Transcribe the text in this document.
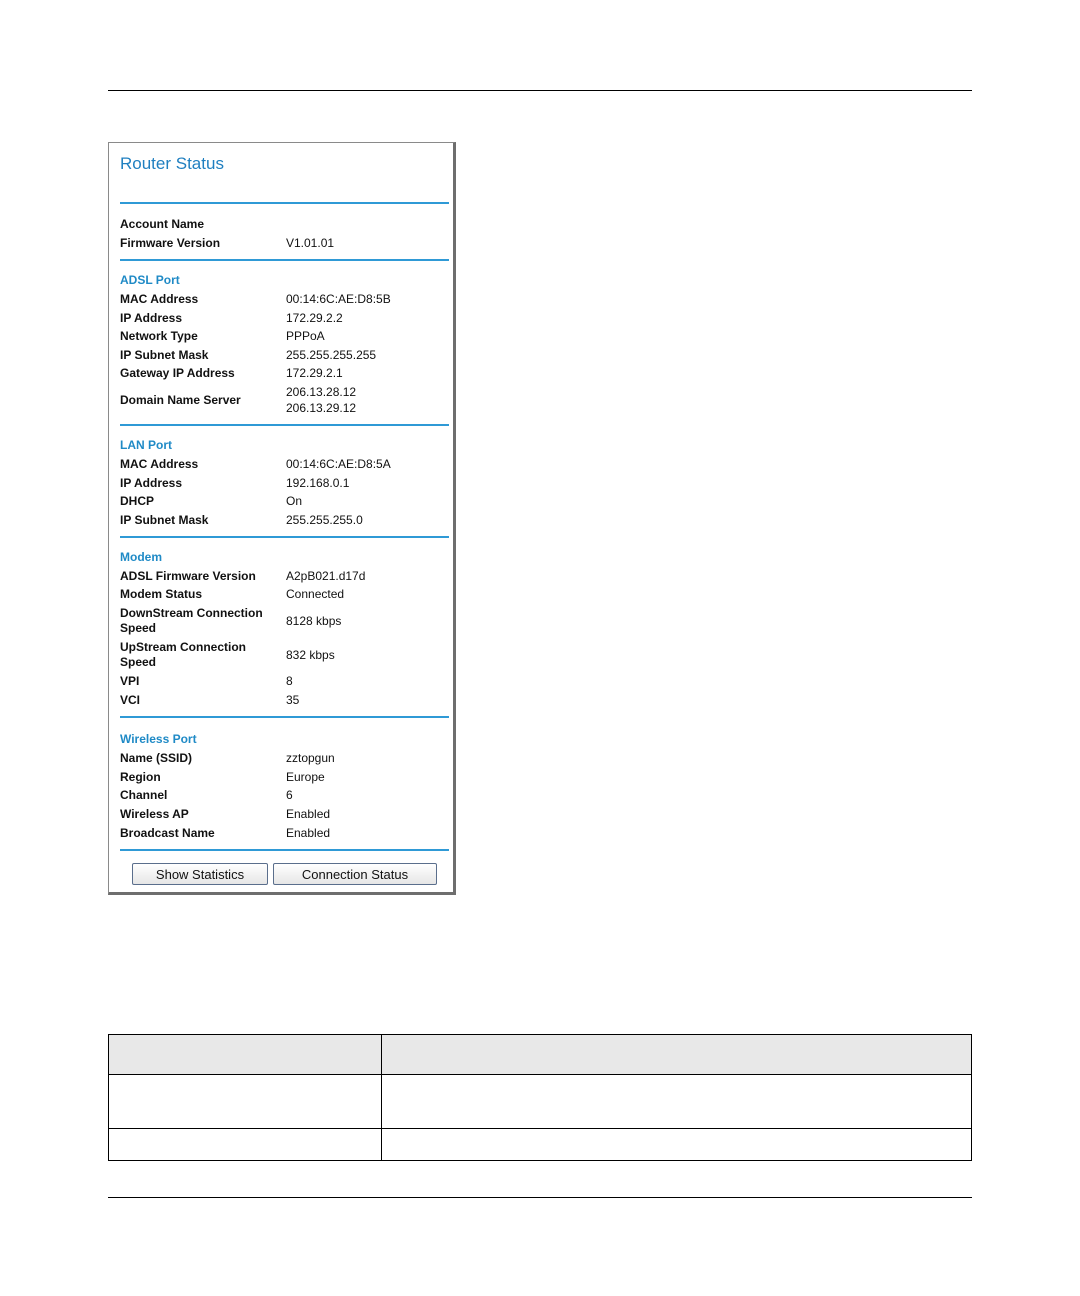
Router Status
Account Name
Firmware Version	V1.01.01
ADSL Port
MAC Address	00:14:6C:AE:D8:5B
IP Address	172.29.2.2
Network Type	PPPoA
IP Subnet Mask	255.255.255.255
Gateway IP Address	172.29.2.1
Domain Name Server
206.13.28.12
206.13.29.12
LAN Port
MAC Address	00:14:6C:AE:D8:5A
IP Address	192.168.0.1
DHCP	On
IP Subnet Mask	255.255.255.0
Modem
ADSL Firmware Version	A2pB021.d17d
Modem Status	Connected
DownStream Connection
Speed	8128 kbps
UpStream Connection
Speed	832 kbps
VPI	8
VCI	35
Wireless Port
Name (SSID)	zztopgun
Region	Europe
Channel	6
Wireless AP	Enabled
Broadcast Name	Enabled
Show Statistics	Connection Status
